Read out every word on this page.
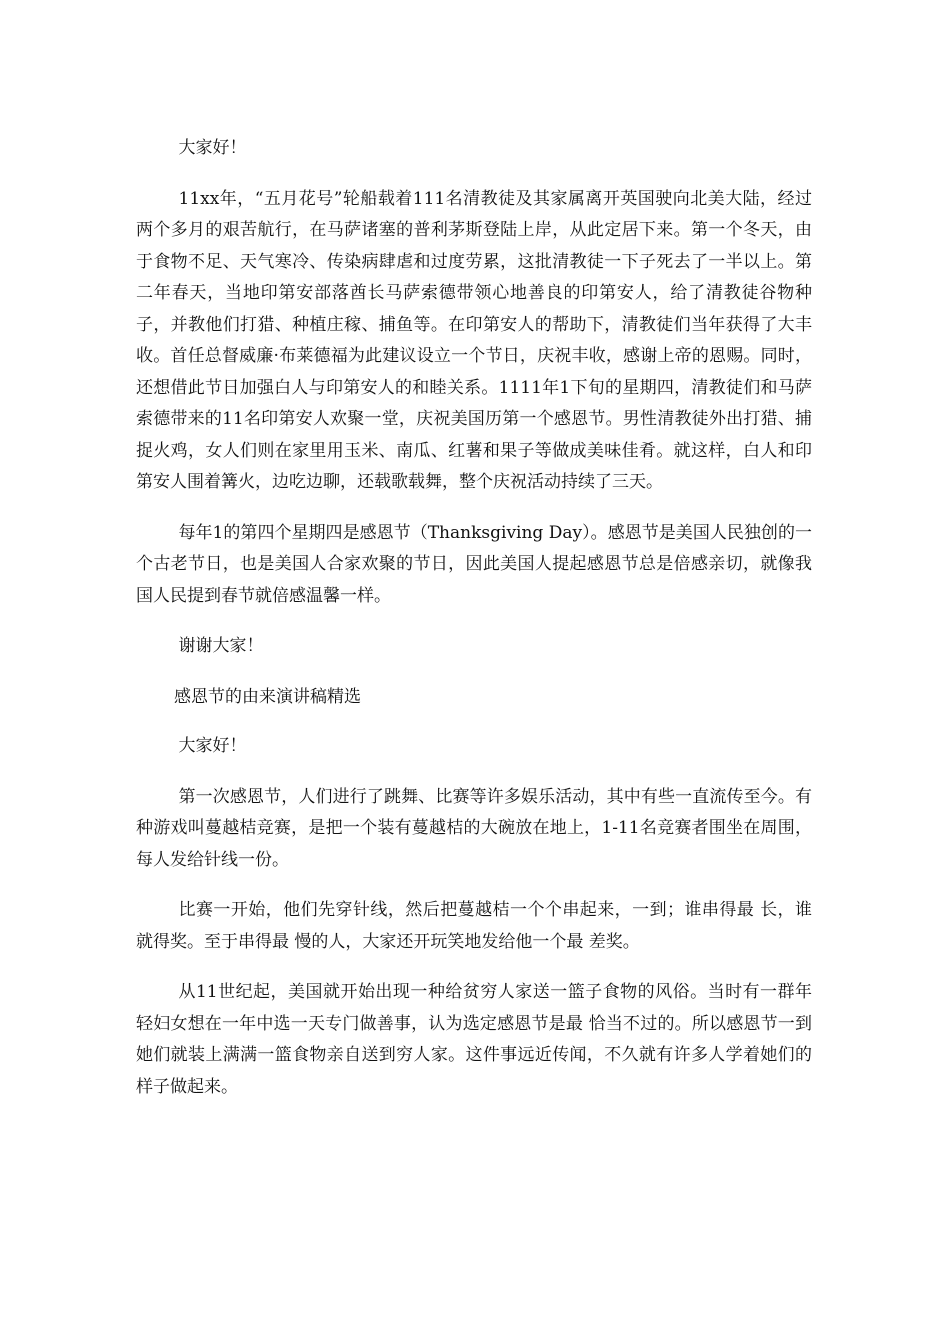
大家好！

11xx年，“五月花号”轮船载着111名清教徒及其家属离开英国驶向北美大陆，经过两个多月的艰苦航行，在马萨诸塞的普利茅斯登陆上岸，从此定居下来。第一个冬天，由于食物不足、天气寒冷、传染病肆虐和过度劳累，这批清教徒一下子死去了一半以上。第二年春天，当地印第安部落酋长马萨索德带领心地善良的印第安人，给了清教徒谷物种子，并教他们打猎、种植庄稼、捕鱼等。在印第安人的帮助下，清教徒们当年获得了大丰收。首任总督威廉·布莱德福为此建议设立一个节日，庆祝丰收，感谢上帝的恩赐。同时，还想借此节日加强白人与印第安人的和睦关系。1111年1下旬的星期四，清教徒们和马萨索德带来的11名印第安人欢聚一堂，庆祝美国历第一个感恩节。男性清教徒外出打猎、捕捉火鸡，女人们则在家里用玉米、南瓜、红薯和果子等做成美味佳肴。就这样，白人和印第安人围着篝火，边吃边聊，还载歌载舞，整个庆祝活动持续了三天。

每年1的第四个星期四是感恩节（Thanksgiving Day）。感恩节是美国人民独创的一个古老节日，也是美国人合家欢聚的节日，因此美国人提起感恩节总是倍感亲切，就像我国人民提到春节就倍感温馨一样。

谢谢大家！

感恩节的由来演讲稿精选

大家好！

第一次感恩节，人们进行了跳舞、比赛等许多娱乐活动，其中有些一直流传至今。有种游戏叫蔓越桔竞赛，是把一个装有蔓越桔的大碗放在地上，1-11名竞赛者围坐在周围，每人发给针线一份。

比赛一开始，他们先穿针线，然后把蔓越桔一个个串起来，一到；谁串得最 长，谁就得奖。至于串得最 慢的人，大家还开玩笑地发给他一个最 差奖。

从11世纪起，美国就开始出现一种给贫穷人家送一篮子食物的风俗。当时有一群年轻妇女想在一年中选一天专门做善事，认为选定感恩节是最 恰当不过的。所以感恩节一到她们就装上满满一篮食物亲自送到穷人家。这件事远近传闻，不久就有许多人学着她们的样子做起来。
